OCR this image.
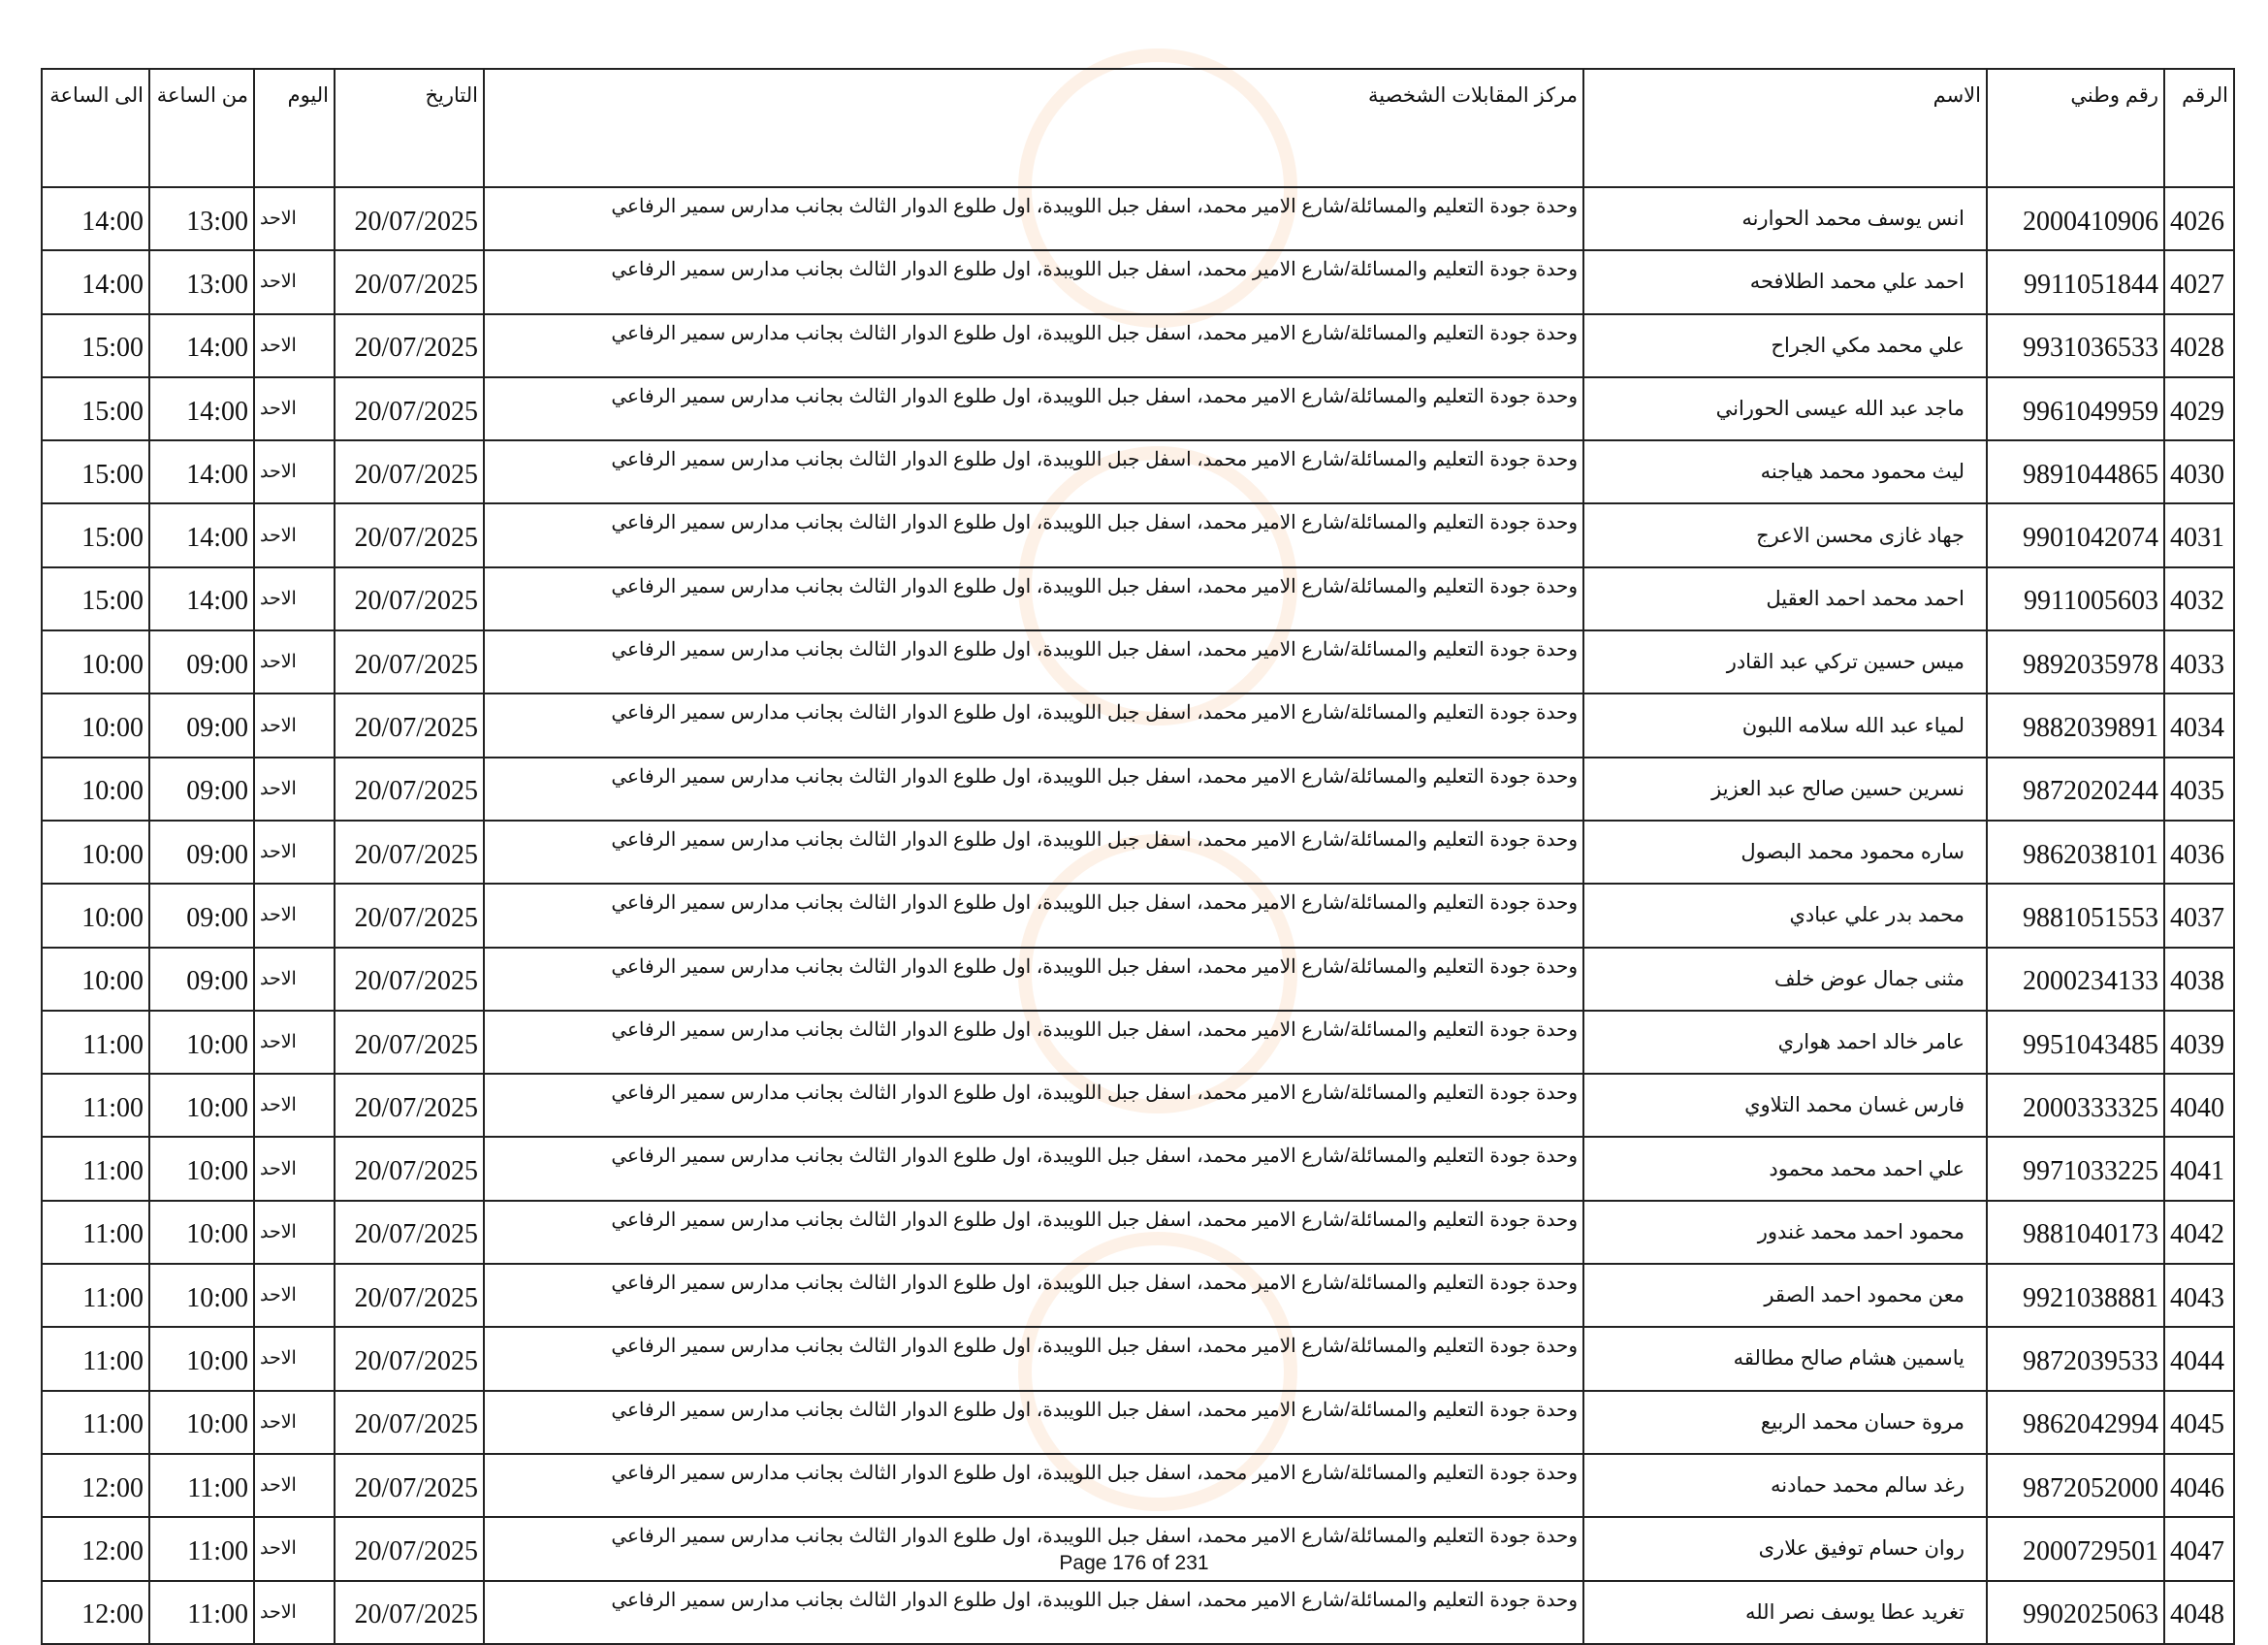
الرقم	رقم وطني	الاسم	مركز المقابلات الشخصية	التاريخ	اليوم	من الساعة	الى الساعة
4026	2000410906	انس يوسف محمد الحوارنه	وحدة جودة التعليم والمسائلة/شارع الامير محمد، اسفل جبل اللويبدة، اول طلوع الدوار الثالث بجانب مدارس سمير الرفاعي	20/07/2025	الاحد	13:00	14:00
4027	9911051844	احمد علي محمد الطلافحه	وحدة جودة التعليم والمسائلة/شارع الامير محمد، اسفل جبل اللويبدة، اول طلوع الدوار الثالث بجانب مدارس سمير الرفاعي	20/07/2025	الاحد	13:00	14:00
4028	9931036533	علي محمد مكي الجراح	وحدة جودة التعليم والمسائلة/شارع الامير محمد، اسفل جبل اللويبدة، اول طلوع الدوار الثالث بجانب مدارس سمير الرفاعي	20/07/2025	الاحد	14:00	15:00
4029	9961049959	ماجد عبد الله عيسى الحوراني	وحدة جودة التعليم والمسائلة/شارع الامير محمد، اسفل جبل اللويبدة، اول طلوع الدوار الثالث بجانب مدارس سمير الرفاعي	20/07/2025	الاحد	14:00	15:00
4030	9891044865	ليث محمود محمد هياجنه	وحدة جودة التعليم والمسائلة/شارع الامير محمد، اسفل جبل اللويبدة، اول طلوع الدوار الثالث بجانب مدارس سمير الرفاعي	20/07/2025	الاحد	14:00	15:00
4031	9901042074	جهاد غازى محسن الاعرج	وحدة جودة التعليم والمسائلة/شارع الامير محمد، اسفل جبل اللويبدة، اول طلوع الدوار الثالث بجانب مدارس سمير الرفاعي	20/07/2025	الاحد	14:00	15:00
4032	9911005603	احمد محمد احمد العقيل	وحدة جودة التعليم والمسائلة/شارع الامير محمد، اسفل جبل اللويبدة، اول طلوع الدوار الثالث بجانب مدارس سمير الرفاعي	20/07/2025	الاحد	14:00	15:00
4033	9892035978	ميس حسين تركي عبد القادر	وحدة جودة التعليم والمسائلة/شارع الامير محمد، اسفل جبل اللويبدة، اول طلوع الدوار الثالث بجانب مدارس سمير الرفاعي	20/07/2025	الاحد	09:00	10:00
4034	9882039891	لمياء عبد الله سلامه اللبون	وحدة جودة التعليم والمسائلة/شارع الامير محمد، اسفل جبل اللويبدة، اول طلوع الدوار الثالث بجانب مدارس سمير الرفاعي	20/07/2025	الاحد	09:00	10:00
4035	9872020244	نسرين حسين صالح عبد العزيز	وحدة جودة التعليم والمسائلة/شارع الامير محمد، اسفل جبل اللويبدة، اول طلوع الدوار الثالث بجانب مدارس سمير الرفاعي	20/07/2025	الاحد	09:00	10:00
4036	9862038101	ساره محمود محمد البصول	وحدة جودة التعليم والمسائلة/شارع الامير محمد، اسفل جبل اللويبدة، اول طلوع الدوار الثالث بجانب مدارس سمير الرفاعي	20/07/2025	الاحد	09:00	10:00
4037	9881051553	محمد بدر علي عبادي	وحدة جودة التعليم والمسائلة/شارع الامير محمد، اسفل جبل اللويبدة، اول طلوع الدوار الثالث بجانب مدارس سمير الرفاعي	20/07/2025	الاحد	09:00	10:00
4038	2000234133	مثنى جمال عوض خلف	وحدة جودة التعليم والمسائلة/شارع الامير محمد، اسفل جبل اللويبدة، اول طلوع الدوار الثالث بجانب مدارس سمير الرفاعي	20/07/2025	الاحد	09:00	10:00
4039	9951043485	عامر خالد احمد هواري	وحدة جودة التعليم والمسائلة/شارع الامير محمد، اسفل جبل اللويبدة، اول طلوع الدوار الثالث بجانب مدارس سمير الرفاعي	20/07/2025	الاحد	10:00	11:00
4040	2000333325	فارس غسان محمد التلاوي	وحدة جودة التعليم والمسائلة/شارع الامير محمد، اسفل جبل اللويبدة، اول طلوع الدوار الثالث بجانب مدارس سمير الرفاعي	20/07/2025	الاحد	10:00	11:00
4041	9971033225	علي احمد محمد محمود	وحدة جودة التعليم والمسائلة/شارع الامير محمد، اسفل جبل اللويبدة، اول طلوع الدوار الثالث بجانب مدارس سمير الرفاعي	20/07/2025	الاحد	10:00	11:00
4042	9881040173	محمود احمد محمد غندور	وحدة جودة التعليم والمسائلة/شارع الامير محمد، اسفل جبل اللويبدة، اول طلوع الدوار الثالث بجانب مدارس سمير الرفاعي	20/07/2025	الاحد	10:00	11:00
4043	9921038881	معن محمود احمد الصقر	وحدة جودة التعليم والمسائلة/شارع الامير محمد، اسفل جبل اللويبدة، اول طلوع الدوار الثالث بجانب مدارس سمير الرفاعي	20/07/2025	الاحد	10:00	11:00
4044	9872039533	ياسمين هشام صالح مطالقه	وحدة جودة التعليم والمسائلة/شارع الامير محمد، اسفل جبل اللويبدة، اول طلوع الدوار الثالث بجانب مدارس سمير الرفاعي	20/07/2025	الاحد	10:00	11:00
4045	9862042994	مروة حسان محمد الربيع	وحدة جودة التعليم والمسائلة/شارع الامير محمد، اسفل جبل اللويبدة، اول طلوع الدوار الثالث بجانب مدارس سمير الرفاعي	20/07/2025	الاحد	10:00	11:00
4046	9872052000	رغد سالم محمد حمادنه	وحدة جودة التعليم والمسائلة/شارع الامير محمد، اسفل جبل اللويبدة، اول طلوع الدوار الثالث بجانب مدارس سمير الرفاعي	20/07/2025	الاحد	11:00	12:00
4047	2000729501	روان حسام توفيق علارى	وحدة جودة التعليم والمسائلة/شارع الامير محمد، اسفل جبل اللويبدة، اول طلوع الدوار الثالث بجانب مدارس سمير الرفاعي	20/07/2025	الاحد	11:00	12:00
4048	9902025063	تغريد عطا يوسف نصر الله	وحدة جودة التعليم والمسائلة/شارع الامير محمد، اسفل جبل اللويبدة، اول طلوع الدوار الثالث بجانب مدارس سمير الرفاعي	20/07/2025	الاحد	11:00	12:00
Page 176 of 231
